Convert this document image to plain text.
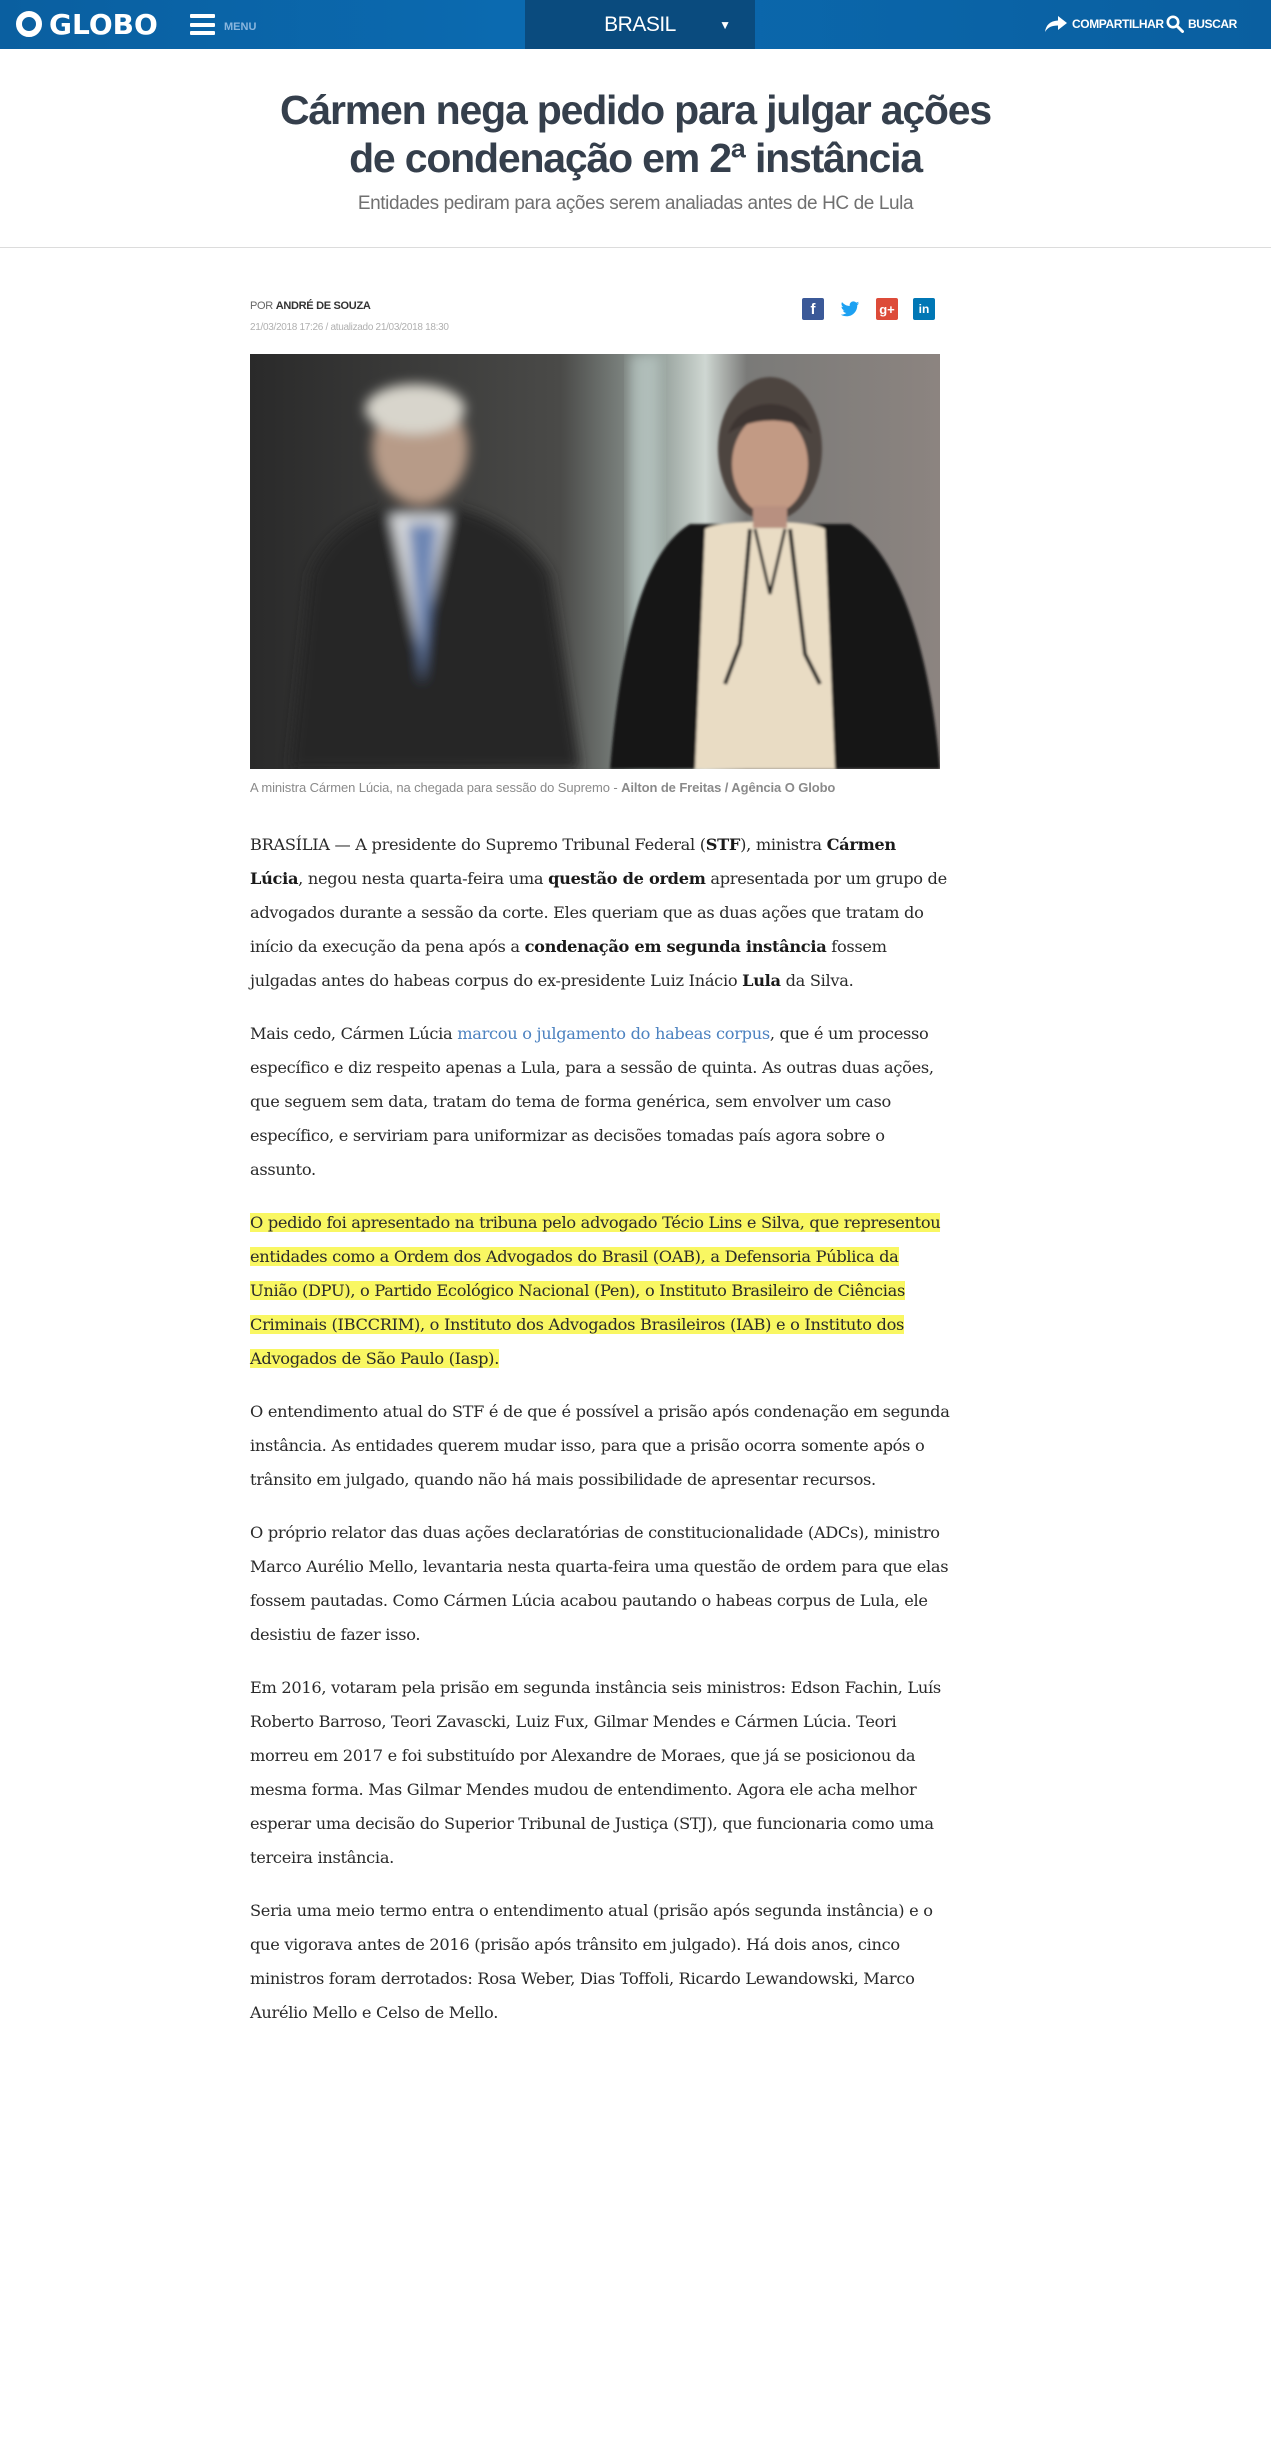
GLOBO	MENU	BRASIL	▼	COMPARTILHAR BUSCAR
Cármen nega pedido para julgar ações
de condenação em 2ª instância
Entidades pediram para ações serem analiadas antes de HC de Lula
POR ANDRÉ DE SOUZA
21/03/2018 17:26 / atualizado 21/03/2018 18:30
f	g+ in
A ministra Cármen Lúcia, na chegada para sessão do Supremo - Ailton de Freitas / Agência O Globo

BRASÍLIA — A presidente do Supremo Tribunal Federal (STF), ministra Cármen Lúcia, negou nesta quarta-feira uma questão de ordem apresentada por um grupo de advogados durante a sessão da corte. Eles queriam que as duas ações que tratam do início da execução da pena após a condenação em segunda instância fossem julgadas antes do habeas corpus do ex-presidente Luiz Inácio Lula da Silva.

Mais cedo, Cármen Lúcia marcou o julgamento do habeas corpus, que é um processo específico e diz respeito apenas a Lula, para a sessão de quinta. As outras duas ações, que seguem sem data, tratam do tema de forma genérica, sem envolver um caso específico, e serviriam para uniformizar as decisões tomadas país agora sobre o assunto.

O pedido foi apresentado na tribuna pelo advogado Técio Lins e Silva, que representou entidades como a Ordem dos Advogados do Brasil (OAB), a Defensoria Pública da União (DPU), o Partido Ecológico Nacional (Pen), o Instituto Brasileiro de Ciências Criminais (IBCCRIM), o Instituto dos Advogados Brasileiros (IAB) e o Instituto dos Advogados de São Paulo (Iasp).

O entendimento atual do STF é de que é possível a prisão após condenação em segunda instância. As entidades querem mudar isso, para que a prisão ocorra somente após o trânsito em julgado, quando não há mais possibilidade de apresentar recursos.

O próprio relator das duas ações declaratórias de constitucionalidade (ADCs), ministro Marco Aurélio Mello, levantaria nesta quarta-feira uma questão de ordem para que elas fossem pautadas. Como Cármen Lúcia acabou pautando o habeas corpus de Lula, ele desistiu de fazer isso.

Em 2016, votaram pela prisão em segunda instância seis ministros: Edson Fachin, Luís Roberto Barroso, Teori Zavascki, Luiz Fux, Gilmar Mendes e Cármen Lúcia. Teori morreu em 2017 e foi substituído por Alexandre de Moraes, que já se posicionou da mesma forma. Mas Gilmar Mendes mudou de entendimento. Agora ele acha melhor esperar uma decisão do Superior Tribunal de Justiça (STJ), que funcionaria como uma terceira instância.

Seria uma meio termo entra o entendimento atual (prisão após segunda instância) e o que vigorava antes de 2016 (prisão após trânsito em julgado). Há dois anos, cinco ministros foram derrotados: Rosa Weber, Dias Toffoli, Ricardo Lewandowski, Marco Aurélio Mello e Celso de Mello.
